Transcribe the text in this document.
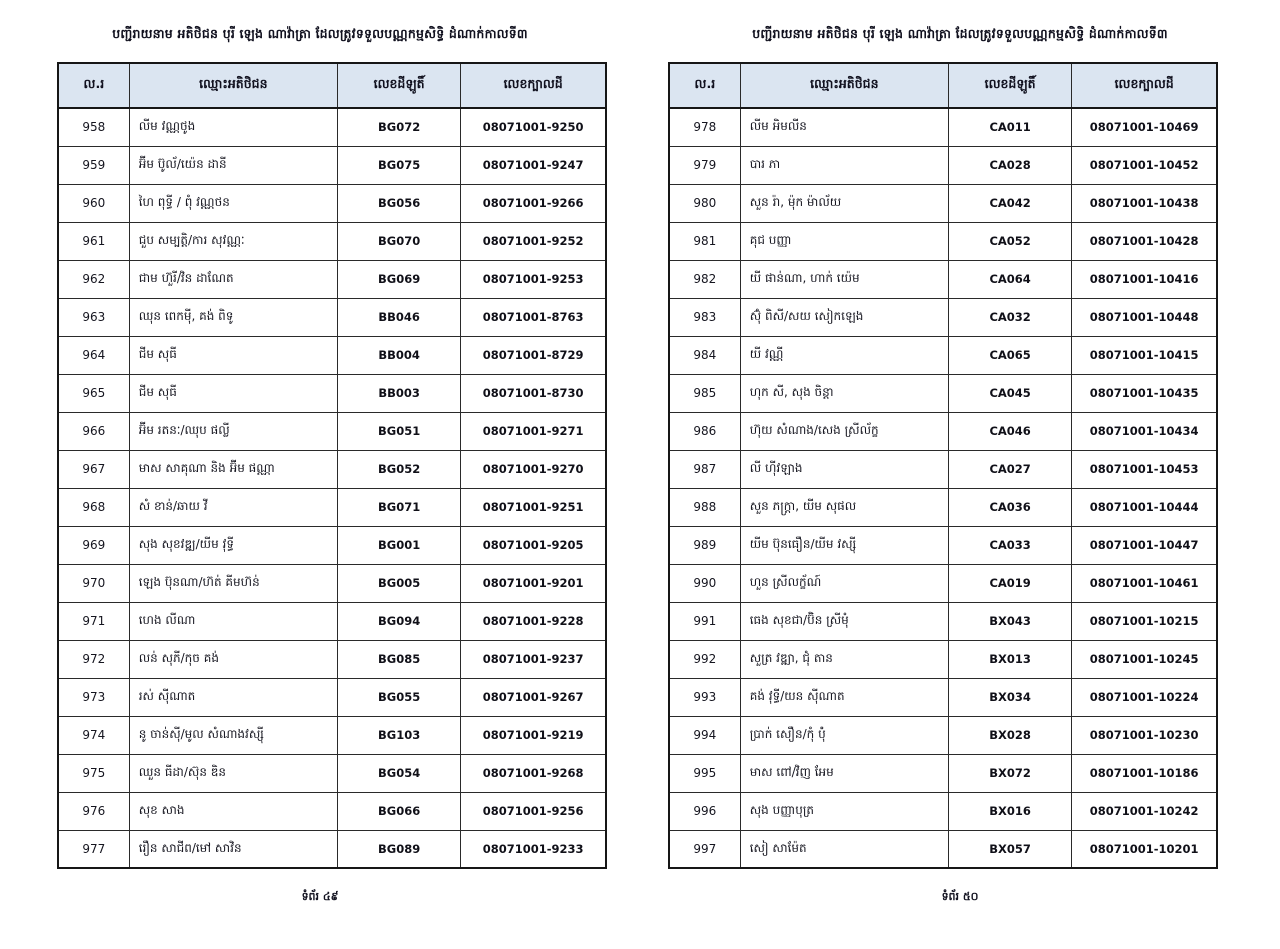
បញ្ជីរាយនាម អតិថិជន បុរី ឡេង ណាវ៉ាត្រា ដែលត្រូវទទួលបណ្ណកម្មសិទ្ធិ ដំណាក់កាលទី៣
ល.រ	ឈ្មោះអតិថិជន	លេខដីឡូតិ៍	លេខក្បាលដី
958	លីម វណ្ណថូង	BG072	08071001-9250
959	អ៊ីម ប៊ូល័/យ៉េន ដានី	BG075	08071001-9247
960	ហៃ ពុទ្ធី / ពុំ វណ្ណថន	BG056	08071001-9266
961	ជួប សម្បត្តិ/ការ សុវណ្ណៈ	BG070	08071001-9252
962	ជាម ហ៊ួរី/វិន ដាណែត	BG069	08071001-9253
963	ឈុន ពេកម៉ី, គង់ ពិទូ	BB046	08071001-8763
964	ជីម សុធី	BB004	08071001-8729
965	ជីម សុធី	BB003	08071001-8730
966	អ៊ីម រតនៈ/ឈុប ផល្លី	BG051	08071001-9271
967	មាស សាគុណា និង អ៊ីម ផណ្ណា	BG052	08071001-9270
968	សំ ខាន់/ឆាយ វី	BG071	08071001-9251
969	សុង សុខវឌ្ឍ/យីម វុទ្ធី	BG001	08071001-9205
970	ឡេង ប៊ុនណា/ហ៊ត់ គីមហ៊ន់	BG005	08071001-9201
971	ហេង លីណា	BG094	08071001-9228
972	លន់ សុភី/កុច គង់	BG085	08071001-9237
973	រស់ ស៊ីណាត	BG055	08071001-9267
974	នូ ចាន់ស៊ី/មូល សំណាងវស្ស៊ី	BG103	08071001-9219
975	ឈួន ធីដា/ស៊ុន ឌិន	BG054	08071001-9268
976	សុខ សាង	BG066	08071001-9256
977	រឿន សាជីព/មៅ សាវិន	BG089	08071001-9233
ទំព័រ ៤៩
បញ្ជីរាយនាម អតិថិជន បុរី ឡេង ណាវ៉ាត្រា ដែលត្រូវទទួលបណ្ណកម្មសិទ្ធិ ដំណាក់កាលទី៣
ល.រ	ឈ្មោះអតិថិជន	លេខដីឡូតិ៍	លេខក្បាលដី
978	លីម អិមលីន	CA011	08071001-10469
979	បារ ភា	CA028	08071001-10452
980	សួន រ៉ា, ម៉ុក ម៉ាល័យ	CA042	08071001-10438
981	គុជ បញ្ញា	CA052	08071001-10428
982	យី ផាន់ណា, ហាក់ យ៉េម	CA064	08071001-10416
983	ស៊ុំ ពិសី/សយ សៀកឡេង	CA032	08071001-10448
984	យី វណ្ណី	CA065	08071001-10415
985	ហុក សី, សុង ចិន្តា	CA045	08071001-10435
986	ហ៊ុយ សំណាង/សេង ស្រីល័ក្ខ	CA046	08071001-10434
987	លី ហ៊ីវឡាង	CA027	08071001-10453
988	សួន ភក្រ្តា, យីម សុផល	CA036	08071001-10444
989	យីម ប៊ុនធឿន/យីម វស្ស៊ី	CA033	08071001-10447
990	ហួន ស្រីលក្ខ័ណ៍	CA019	08071001-10461
991	ធេង សុខជា/ប៊ិន ស្រីមុំ	BX043	08071001-10215
992	សួត្រ វឌ្ឍា, ជុំ តាន	BX013	08071001-10245
993	គង់ វុទ្ធី/យន ស៊ីណាត	BX034	08071001-10224
994	ប្រាក់ សឿន/កុំ ប៉ុំ	BX028	08071001-10230
995	មាស ពៅ/វិញ អែម	BX072	08071001-10186
996	សុង បញ្ញាបុត្រ	BX016	08071001-10242
997	សៀ សាម៉ែត	BX057	08071001-10201
ទំព័រ ៥០
